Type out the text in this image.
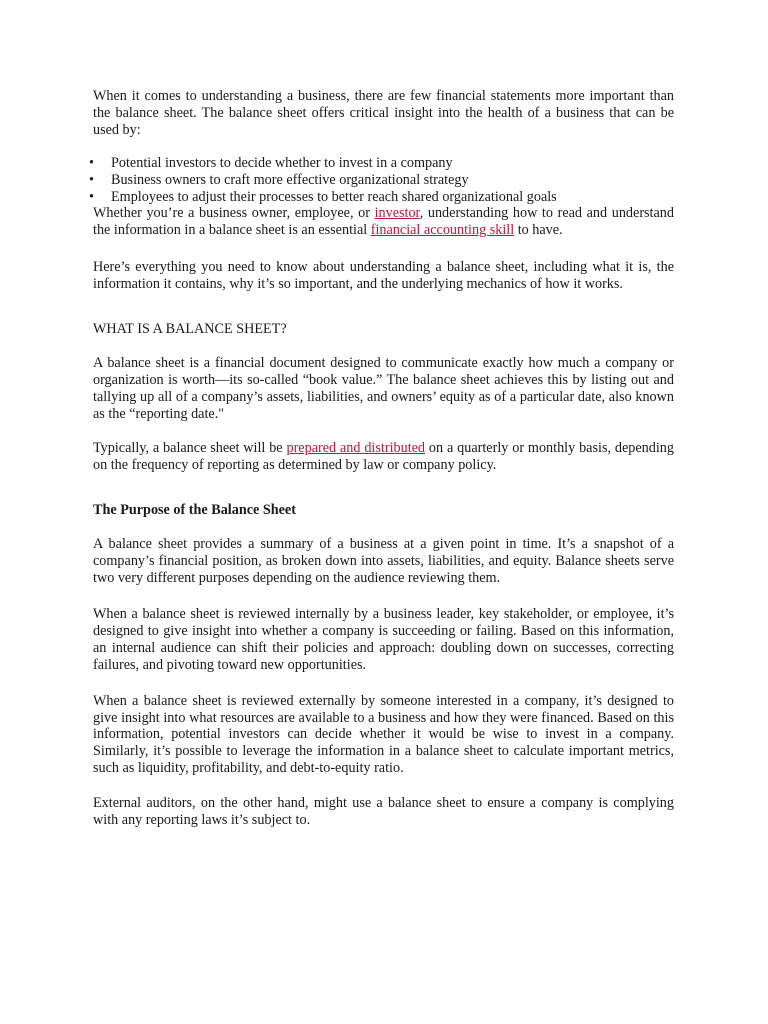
When it comes to understanding a business, there are few financial statements more important than the balance sheet. The balance sheet offers critical insight into the health of a business that can be used by:

• Potential investors to decide whether to invest in a company
• Business owners to craft more effective organizational strategy
• Employees to adjust their processes to better reach shared organizational goals

Whether you’re a business owner, employee, or investor, understanding how to read and understand the information in a balance sheet is an essential financial accounting skill to have.

Here’s everything you need to know about understanding a balance sheet, including what it is, the information it contains, why it’s so important, and the underlying mechanics of how it works.

WHAT IS A BALANCE SHEET?

A balance sheet is a financial document designed to communicate exactly how much a company or organization is worth—its so-called “book value.” The balance sheet achieves this by listing out and tallying up all of a company’s assets, liabilities, and owners’ equity as of a particular date, also known as the “reporting date."

Typically, a balance sheet will be prepared and distributed on a quarterly or monthly basis, depending on the frequency of reporting as determined by law or company policy.

The Purpose of the Balance Sheet

A balance sheet provides a summary of a business at a given point in time. It’s a snapshot of a company’s financial position, as broken down into assets, liabilities, and equity. Balance sheets serve two very different purposes depending on the audience reviewing them.

When a balance sheet is reviewed internally by a business leader, key stakeholder, or employee, it’s designed to give insight into whether a company is succeeding or failing. Based on this information, an internal audience can shift their policies and approach: doubling down on successes, correcting failures, and pivoting toward new opportunities.

When a balance sheet is reviewed externally by someone interested in a company, it’s designed to give insight into what resources are available to a business and how they were financed. Based on this information, potential investors can decide whether it would be wise to invest in a company. Similarly, it’s possible to leverage the information in a balance sheet to calculate important metrics, such as liquidity, profitability, and debt-to-equity ratio.

External auditors, on the other hand, might use a balance sheet to ensure a company is complying with any reporting laws it’s subject to.
